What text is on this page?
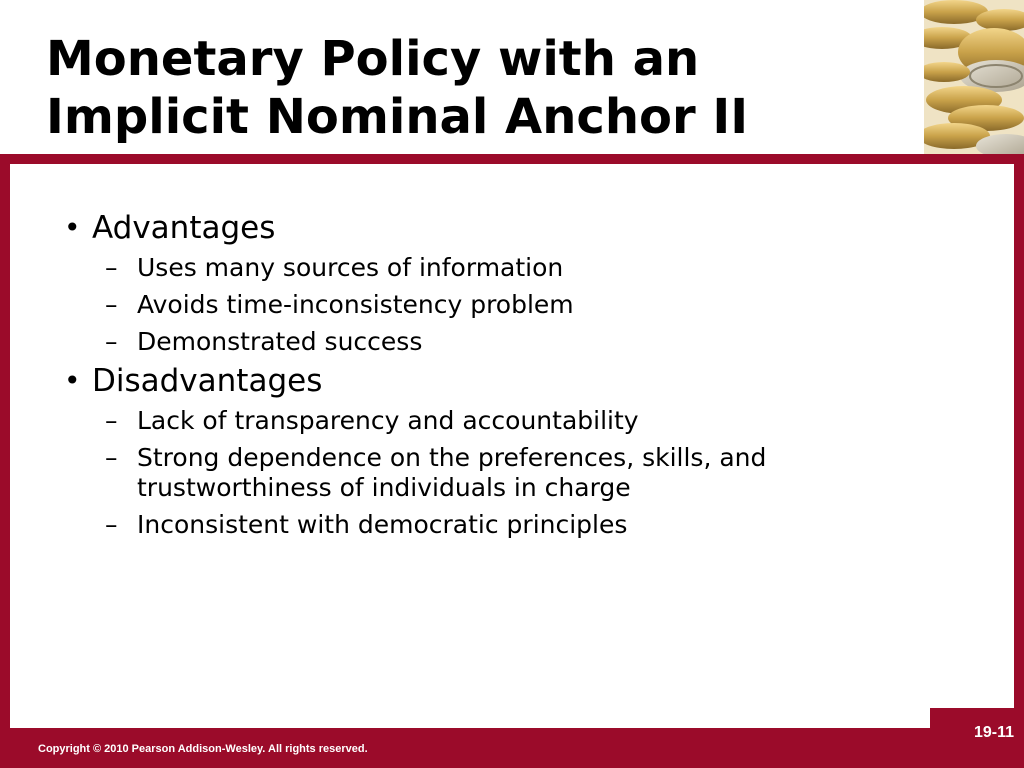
Monetary Policy with an Implicit Nominal Anchor II
• Advantages
– Uses many sources of information
– Avoids time-inconsistency problem
– Demonstrated success
• Disadvantages
– Lack of transparency and accountability
– Strong dependence on the preferences, skills, and trustworthiness of individuals in charge
– Inconsistent with democratic principles
Copyright © 2010 Pearson Addison-Wesley. All rights reserved.
19-11
